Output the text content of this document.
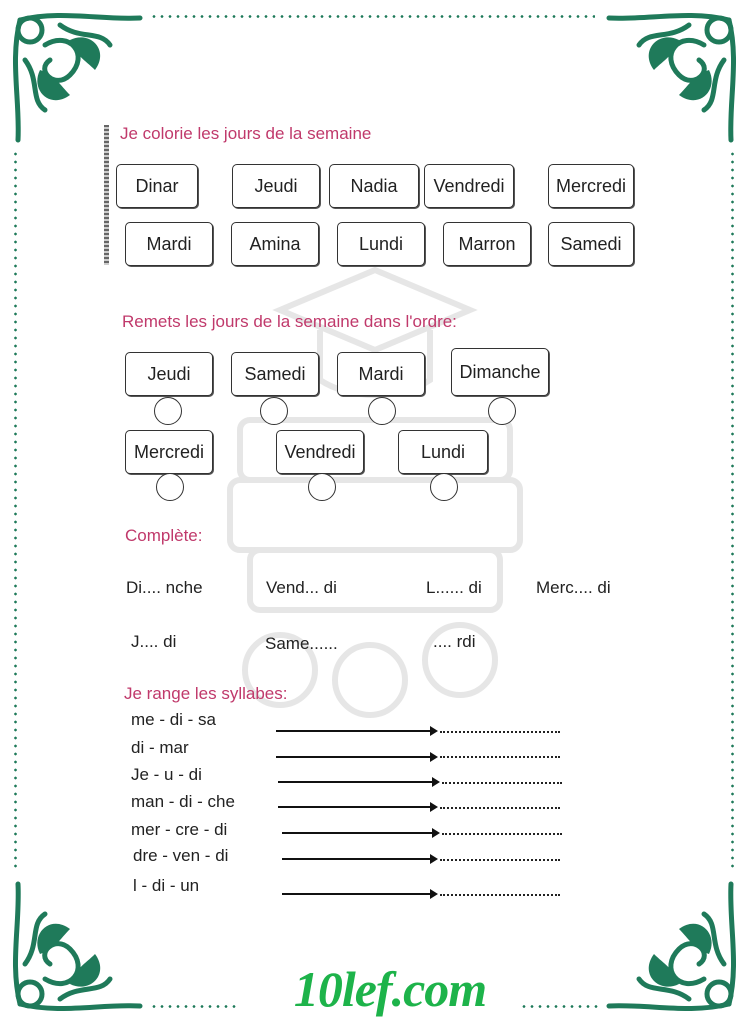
Je colorie les jours de la semaine
Dinar	Jeudi	Nadia	Vendredi	Mercredi
Mardi	Amina	Lundi	Marron	Samedi
Remets les jours de la semaine dans l'ordre:
Jeudi	Samedi	Mardi	Dimanche
Mercredi	Vendredi	Lundi
Complète:
Di.... nche	Vend... di	L...... di	Merc.... di
J.... di	Same......	.... rdi
Je range les syllabes:
me - di - sa
di - mar
Je - u - di
man - di - che
mer - cre - di
dre - ven - di
l - di - un
10lef.com
